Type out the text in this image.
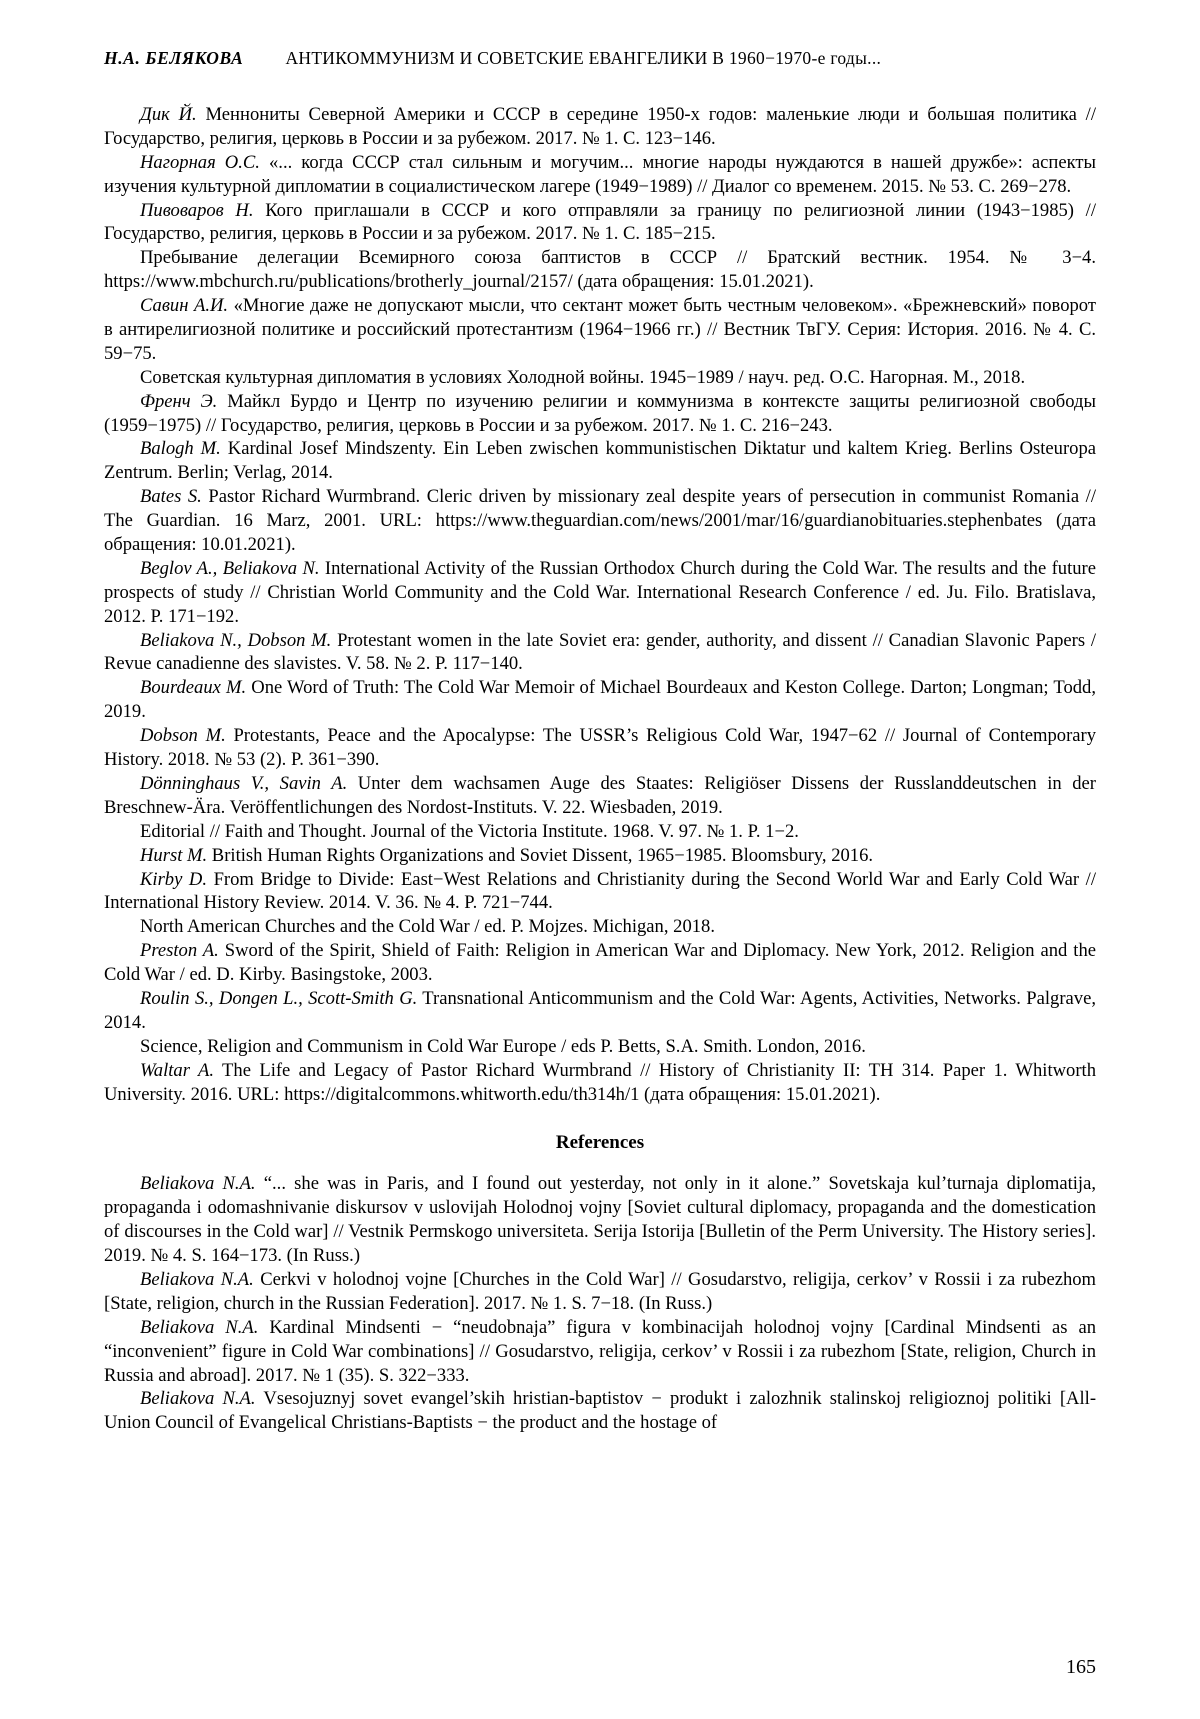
Н.А. БЕЛЯКОВА АНТИКОММУНИЗМ И СОВЕТСКИЕ ЕВАНГЕЛИКИ В 1960−1970-е годы...

Дик Й. Меннониты Северной Америки и СССР в середине 1950-х годов: маленькие люди и большая политика // Государство, религия, церковь в России и за рубежом. 2017. № 1. С. 123−146.

Нагорная О.С. «... когда СССР стал сильным и могучим... многие народы нуждаются в нашей дружбе»: аспекты изучения культурной дипломатии в социалистическом лагере (1949−1989) // Диалог со временем. 2015. № 53. С. 269−278.

Пивоваров Н. Кого приглашали в СССР и кого отправляли за границу по религиозной линии (1943−1985) // Государство, религия, церковь в России и за рубежом. 2017. № 1. С. 185−215.

Пребывание делегации Всемирного союза баптистов в СССР // Братский вестник. 1954. № 3−4. https://www.mbchurch.ru/publications/brotherly_journal/2157/ (дата обращения: 15.01.2021).

Савин А.И. «Многие даже не допускают мысли, что сектант может быть честным человеком». «Брежневский» поворот в антирелигиозной политике и российский протестантизм (1964−1966 гг.) // Вестник ТвГУ. Серия: История. 2016. № 4. С. 59−75.

Советская культурная дипломатия в условиях Холодной войны. 1945−1989 / науч. ред. О.С. Нагорная. М., 2018.

Френч Э. Майкл Бурдо и Центр по изучению религии и коммунизма в контексте защиты религиозной свободы (1959−1975) // Государство, религия, церковь в России и за рубежом. 2017. № 1. С. 216−243.

Balogh M. Kardinal Josef Mindszenty. Ein Leben zwischen kommunistischen Diktatur und kaltem Krieg. Berlins Osteuropa Zentrum. Berlin; Verlag, 2014.

Bates S. Pastor Richard Wurmbrand. Cleric driven by missionary zeal despite years of persecution in communist Romania // The Guardian. 16 Marz, 2001. URL: https://www.theguardian.com/news/2001/mar/16/guardianobituaries.stephenbates (дата обращения: 10.01.2021).

Beglov A., Beliakova N. International Activity of the Russian Orthodox Church during the Cold War. The results and the future prospects of study // Christian World Community and the Cold War. International Research Conference / ed. Ju. Filo. Bratislava, 2012. P. 171−192.

Beliakova N., Dobson M. Protestant women in the late Soviet era: gender, authority, and dissent // Canadian Slavonic Papers / Revue canadienne des slavistes. V. 58. № 2. P. 117−140.

Bourdeaux M. One Word of Truth: The Cold War Memoir of Michael Bourdeaux and Keston College. Darton; Longman; Todd, 2019.

Dobson M. Protestants, Peace and the Apocalypse: The USSR’s Religious Cold War, 1947−62 // Journal of Contemporary History. 2018. № 53 (2). P. 361−390.

Dönninghaus V., Savin A. Unter dem wachsamen Auge des Staates: Religiöser Dissens der Russlanddeutschen in der Breschnew-Ära. Veröffentlichungen des Nordost-Instituts. V. 22. Wiesbaden, 2019.

Editorial // Faith and Thought. Journal of the Victoria Institute. 1968. V. 97. № 1. P. 1−2.

Hurst M. British Human Rights Organizations and Soviet Dissent, 1965−1985. Bloomsbury, 2016.

Kirby D. From Bridge to Divide: East−West Relations and Christianity during the Second World War and Early Cold War // International History Review. 2014. V. 36. № 4. P. 721−744.

North American Churches and the Cold War / ed. P. Mojzes. Michigan, 2018.

Preston A. Sword of the Spirit, Shield of Faith: Religion in American War and Diplomacy. New York, 2012. Religion and the Cold War / ed. D. Kirby. Basingstoke, 2003.

Roulin S., Dongen L., Scott-Smith G. Transnational Anticommunism and the Cold War: Agents, Activities, Networks. Palgrave, 2014.

Science, Religion and Communism in Cold War Europe / eds P. Betts, S.A. Smith. London, 2016.

Waltar A. The Life and Legacy of Pastor Richard Wurmbrand // History of Christianity II: TH 314. Paper 1. Whitworth University. 2016. URL: https://digitalcommons.whitworth.edu/th314h/1 (дата обращения: 15.01.2021).

References

Beliakova N.A. “... she was in Paris, and I found out yesterday, not only in it alone.” Sovetskaja kul’turnaja diplomatija, propaganda i odomashnivanie diskursov v uslovijah Holodnoj vojny [Soviet cultural diplomacy, propaganda and the domestication of discourses in the Cold war] // Vestnik Permskogo universiteta. Serija Istorija [Bulletin of the Perm University. The History series]. 2019. № 4. S. 164−173. (In Russ.)

Beliakova N.A. Cerkvi v holodnoj vojne [Churches in the Cold War] // Gosudarstvo, religija, cerkov’ v Rossii i za rubezhom [State, religion, church in the Russian Federation]. 2017. № 1. S. 7−18. (In Russ.)

Beliakova N.A. Kardinal Mindsenti − “neudobnaja” figura v kombinacijah holodnoj vojny [Cardinal Mindsenti as an “inconvenient” figure in Cold War combinations] // Gosudarstvo, religija, cerkov’ v Rossii i za rubezhom [State, religion, Church in Russia and abroad]. 2017. № 1 (35). S. 322−333.

Beliakova N.A. Vsesojuznyj sovet evangel’skih hristian-baptistov − produkt i zalozhnik stalinskoj religioznoj politiki [All-Union Council of Evangelical Christians-Baptists − the product and the hostage of

165
